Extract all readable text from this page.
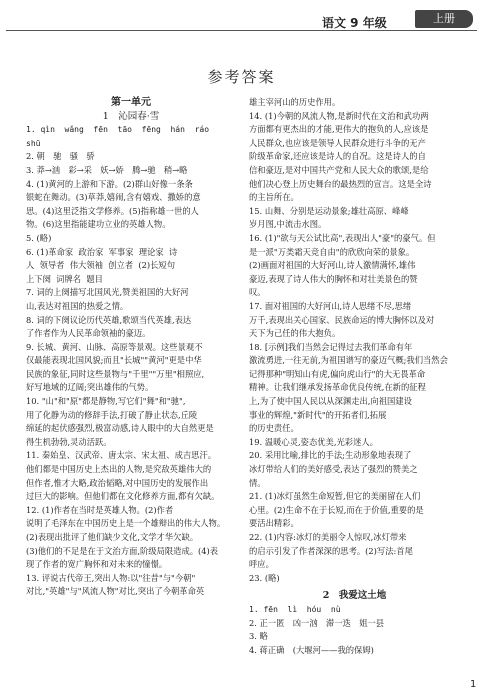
语文 9 年级	上册
参考答案

第一单元

1　沁园春·雪

1. qìn  wǎng  fēn  tāo  fēng  hán  ráo

shū

2. 朝　驰　骚　骄

3. 莽→汹　彩→采　妖→娇　腾→驰　稍→略

4. (1)黄河的上游和下游。(2)群山好像一条条

银蛇在舞动。(3)草莽,嬉闹,含有嬉戏、撒娇的意

思。(4)这里泛指文学修养。(5)指称雄一世的人

物。(6)这里指能建功立业的英雄人物。

5. (略)

6. (1)革命家  政治家  军事家  理论家  诗

人  领导者  伟大领袖  创立者  (2)长短句

上下阕  词牌名  题目

7. 词的上阕描写北国风光,赞美祖国的大好河

山,表达对祖国的热爱之情。

8. 词的下阕议论历代英雄,歌颂当代英雄,表达

了作者作为人民革命领袖的豪迈。

9. 长城、黄河、山脉、高原等景观。这些景观不

仅最能表现北国风貌;而且"长城""黄河"更是中华

民族的象征,同时这些景物与"千里""万里"相照应,

好写地域的辽阔;突出雄伟的气势。

10. "山"和"原"都是静物,写它们"舞"和"驰",

用了化静为动的修辞手法,打破了静止状态,丘陵

绵延的起伏感强烈,极富动感,诗人眼中的大自然更是

得生机勃勃,灵动活跃。

11. 秦始皇、汉武帝、唐太宗、宋太祖、成吉思汗。

他们都是中国历史上杰出的人物,是究敌英雄伟大的

但作者,惟才大略,政治韬略,对中国历史的发展作出

过巨大的影响。但他们都在文化修养方面,都有欠缺。

12. (1)作者在当时是英雄人物。(2)作者

说明了毛泽东在中国历史上是一个雄辩出的伟大人物。

(2)表现出批评了他们缺少文化,文学才华欠缺。

(3)他们的不足是在于文治方面,阶级局限造成。(4)表

现了作者的宽广胸怀和对未来的憧憬。

13. 评说古代帝王,突出人物:以"往昔"与"今朝"

对比,"英雄"与"风流人物"对比,突出了今朝革命英

雄主宰河山的历史作用。

14. (1)今朝的风流人物,是新时代在文治和武功两

方面都有更杰出的才能,更伟大的抱负的人,应该是

人民群众,也应该是领导人民群众进行斗争的无产

阶级革命家,还应该是诗人的自况。这是诗人的自

信和豪迈,是对中国共产党和人民大众的歌颂,是给

他们决心登上历史舞台的最热烈的宣言。这是全诗

的主旨所在。

15. 山舞、分别是运动景象;雄壮高原、峰峰

岁月图,中流击水图。

16. (1)"欲与天公试比高",表现出人"豪"的豪气。但

是一派"万类霜天竞自由"的欣欣向荣的景象。

(2)画面对祖国的大好河山,诗人激情满怀,雄伟

豪迈,表现了诗人伟大的胸怀和对壮美景色的赞

叹。

17. 面对祖国的大好河山,诗人思绪不尽,思绪

万千,表现出关心国家、民族命运的博大胸怀以及对

天下为己任的伟大抱负。

18. [示例]我们当然会记得过去我们革命有年

激流勇进,一往无前,为祖国谱写的豪迈气概;我们当然会

记得那种"明知山有虎,偏向虎山行"的大无畏革命

精神。让我们继承发扬革命优良传统,在新的征程

上,为了使中国人民以从深渊走出,向祖国建设

事业的辉煌,"新时代"的开拓者们,拓展

的历史责任。

19. 温暖心灵,姿态优美,光彩迷人。

20. 采用比喻,排比的手法;生动形象地表现了

冰灯带给人们的美好感受,表达了强烈的赞美之

情。

21. (1)冰灯虽然生命短暂,但它的美丽留在人们

心里。(2)生命不在于长短,而在于价值,重要的是

要活出精彩。

22. (1)内容:冰灯的美丽令人惊叹,冰灯带来

的启示引发了作者深深的思考。(2)写法:首尾

呼应。

23. (略)

2　我爱这土地

1. fēn  lì  hóu  nù

2. 正一匿　凶一汹　滞一迭　姐一县

3. 略

4. 蒋正确　(大堰河——我的保姆)

1
